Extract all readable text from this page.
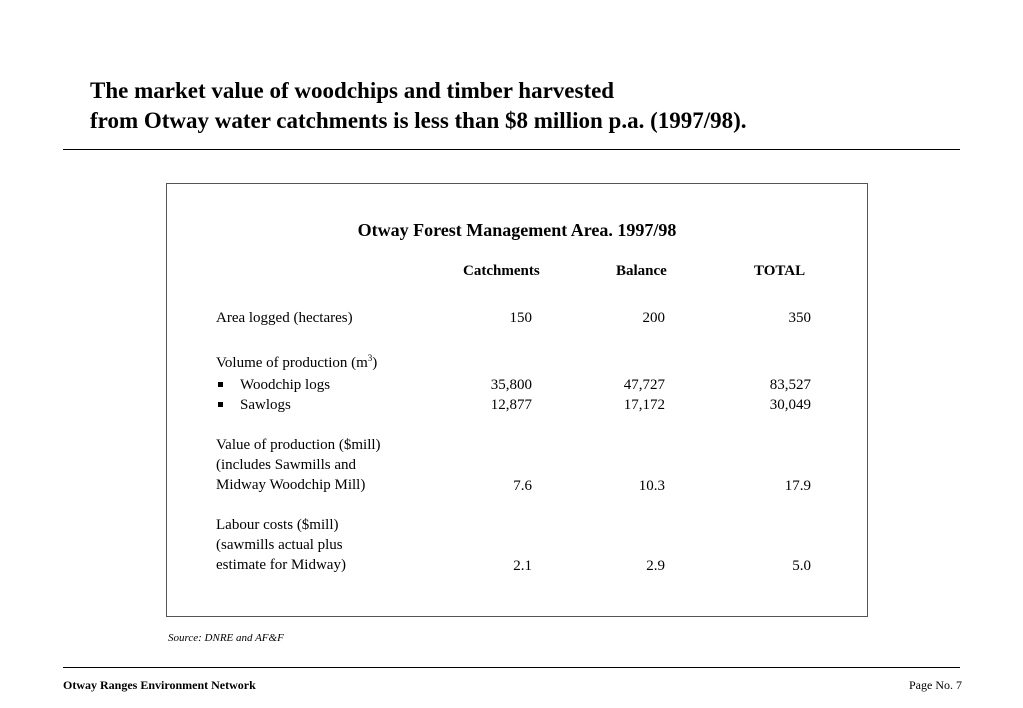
The market value of woodchips and timber harvested
from Otway water catchments is less than $8 million p.a. (1997/98).
Otway Forest Management Area. 1997/98
Catchments	Balance	TOTAL
Area logged (hectares)	150	200	350
Volume of production $(m^3)$
Woodchip logs	35,800	47,727	83,527
Sawlogs	12,877	17,172	30,049
Value of production ($mill)
(includes Sawmills and
Midway Woodchip Mill)	7.6	10.3	17.9
Labour costs ($mill)
(sawmills actual plus
estimate for Midway)	2.1	2.9	5.0
Source: DNRE and AF&F
Otway Ranges Environment Network	Page No. 7
